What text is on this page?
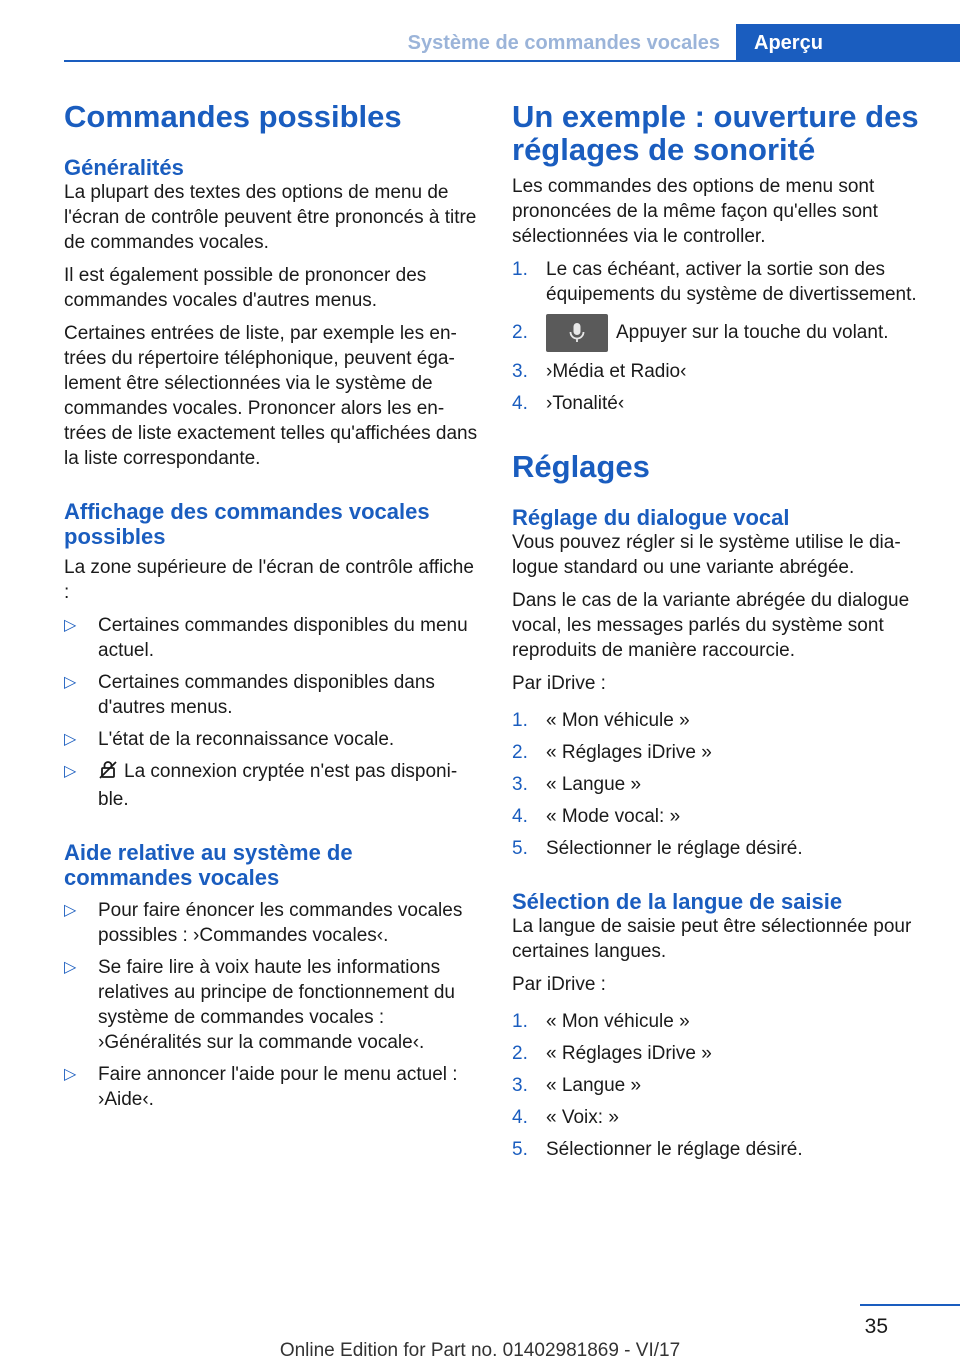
Système de commandes vocales	Aperçu
Commandes possibles
Généralités

La plupart des textes des options de menu de l'écran de contrôle peuvent être prononcés à titre de commandes vocales.

Il est également possible de prononcer des commandes vocales d'autres menus.

Certaines entrées de liste, par exemple les entrées du répertoire téléphonique, peuvent également être sélectionnées via le système de commandes vocales. Prononcer alors les entrées de liste exactement telles qu'affichées dans la liste correspondante.

Affichage des commandes vocales possibles

La zone supérieure de l'écran de contrôle affiche :

▷ Certaines commandes disponibles du menu actuel.
▷ Certaines commandes disponibles dans d'autres menus.
▷ L'état de la reconnaissance vocale.
▷	La connexion cryptée n'est pas disponible.
Aide relative au système de commandes vocales
▷ Pour faire énoncer les commandes vocales possibles : ›Commandes vocales‹.
▷ Se faire lire à voix haute les informations relatives au principe de fonctionnement du système de commandes vocales : ›Généralités sur la commande vocale‹.
▷ Faire annoncer l'aide pour le menu actuel : ›Aide‹.
Un exemple : ouverture des réglages de sonorité

Les commandes des options de menu sont prononcées de la même façon qu'elles sont sélectionnées via le controller.

1. Le cas échéant, activer la sortie son des équipements du système de divertissement.
2.	Appuyer sur la touche du volant.
3. ›Média et Radio‹
4. ›Tonalité‹
Réglages
Réglage du dialogue vocal

Vous pouvez régler si le système utilise le dialogue standard ou une variante abrégée.

Dans le cas de la variante abrégée du dialogue vocal, les messages parlés du système sont reproduits de manière raccourcie.

Par iDrive :

1. « Mon véhicule »
2. « Réglages iDrive »
3. « Langue »
4. « Mode vocal: »
5. Sélectionner le réglage désiré.
Sélection de la langue de saisie

La langue de saisie peut être sélectionnée pour certaines langues.

Par iDrive :

1. « Mon véhicule »
2. « Réglages iDrive »
3. « Langue »
4. « Voix: »
5. Sélectionner le réglage désiré.
35
Online Edition for Part no. 01402981869 - VI/17
